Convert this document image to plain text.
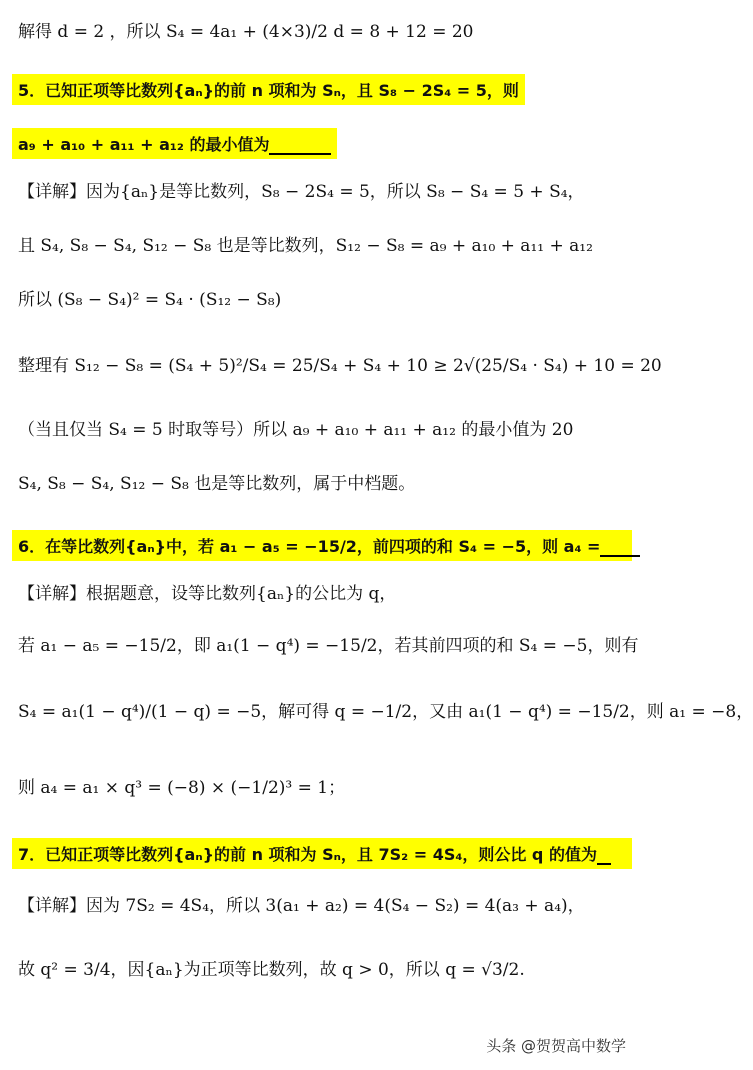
解得 d = 2 ，所以 S₄ = 4a₁ + (4×3)/2 d = 8 + 12 = 20
5．已知正项等比数列{aₙ}的前 n 项和为 Sₙ，且 S₈ − 2S₄ = 5，则
a₉ + a₁₀ + a₁₁ + a₁₂ 的最小值为
【详解】因为{aₙ}是等比数列，S₈ − 2S₄ = 5，所以 S₈ − S₄ = 5 + S₄，
且 S₄, S₈ − S₄, S₁₂ − S₈ 也是等比数列，S₁₂ − S₈ = a₉ + a₁₀ + a₁₁ + a₁₂
所以 (S₈ − S₄)² = S₄ · (S₁₂ − S₈)
整理有 S₁₂ − S₈ = (S₄ + 5)²/S₄ = 25/S₄ + S₄ + 10 ≥ 2√(25/S₄ · S₄) + 10 = 20
（当且仅当 S₄ = 5 时取等号）所以 a₉ + a₁₀ + a₁₁ + a₁₂ 的最小值为 20
S₄, S₈ − S₄, S₁₂ − S₈ 也是等比数列，属于中档题。
6．在等比数列{aₙ}中，若 a₁ − a₅ = −15/2，前四项的和 S₄ = −5，则 a₄ =
【详解】根据题意，设等比数列{aₙ}的公比为 q，
若 a₁ − a₅ = −15/2，即 a₁(1 − q⁴) = −15/2，若其前四项的和 S₄ = −5，则有
S₄ = a₁(1 − q⁴)/(1 − q) = −5，解可得 q = −1/2，又由 a₁(1 − q⁴) = −15/2，则 a₁ = −8，
则 a₄ = a₁ × q³ = (−8) × (−1/2)³ = 1；
7．已知正项等比数列{aₙ}的前 n 项和为 Sₙ，且 7S₂ = 4S₄，则公比 q 的值为
【详解】因为 7S₂ = 4S₄，所以 3(a₁ + a₂) = 4(S₄ − S₂) = 4(a₃ + a₄)，
故 q² = 3/4，因{aₙ}为正项等比数列，故 q > 0，所以 q = √3/2.
头条 @贺贺高中数学
